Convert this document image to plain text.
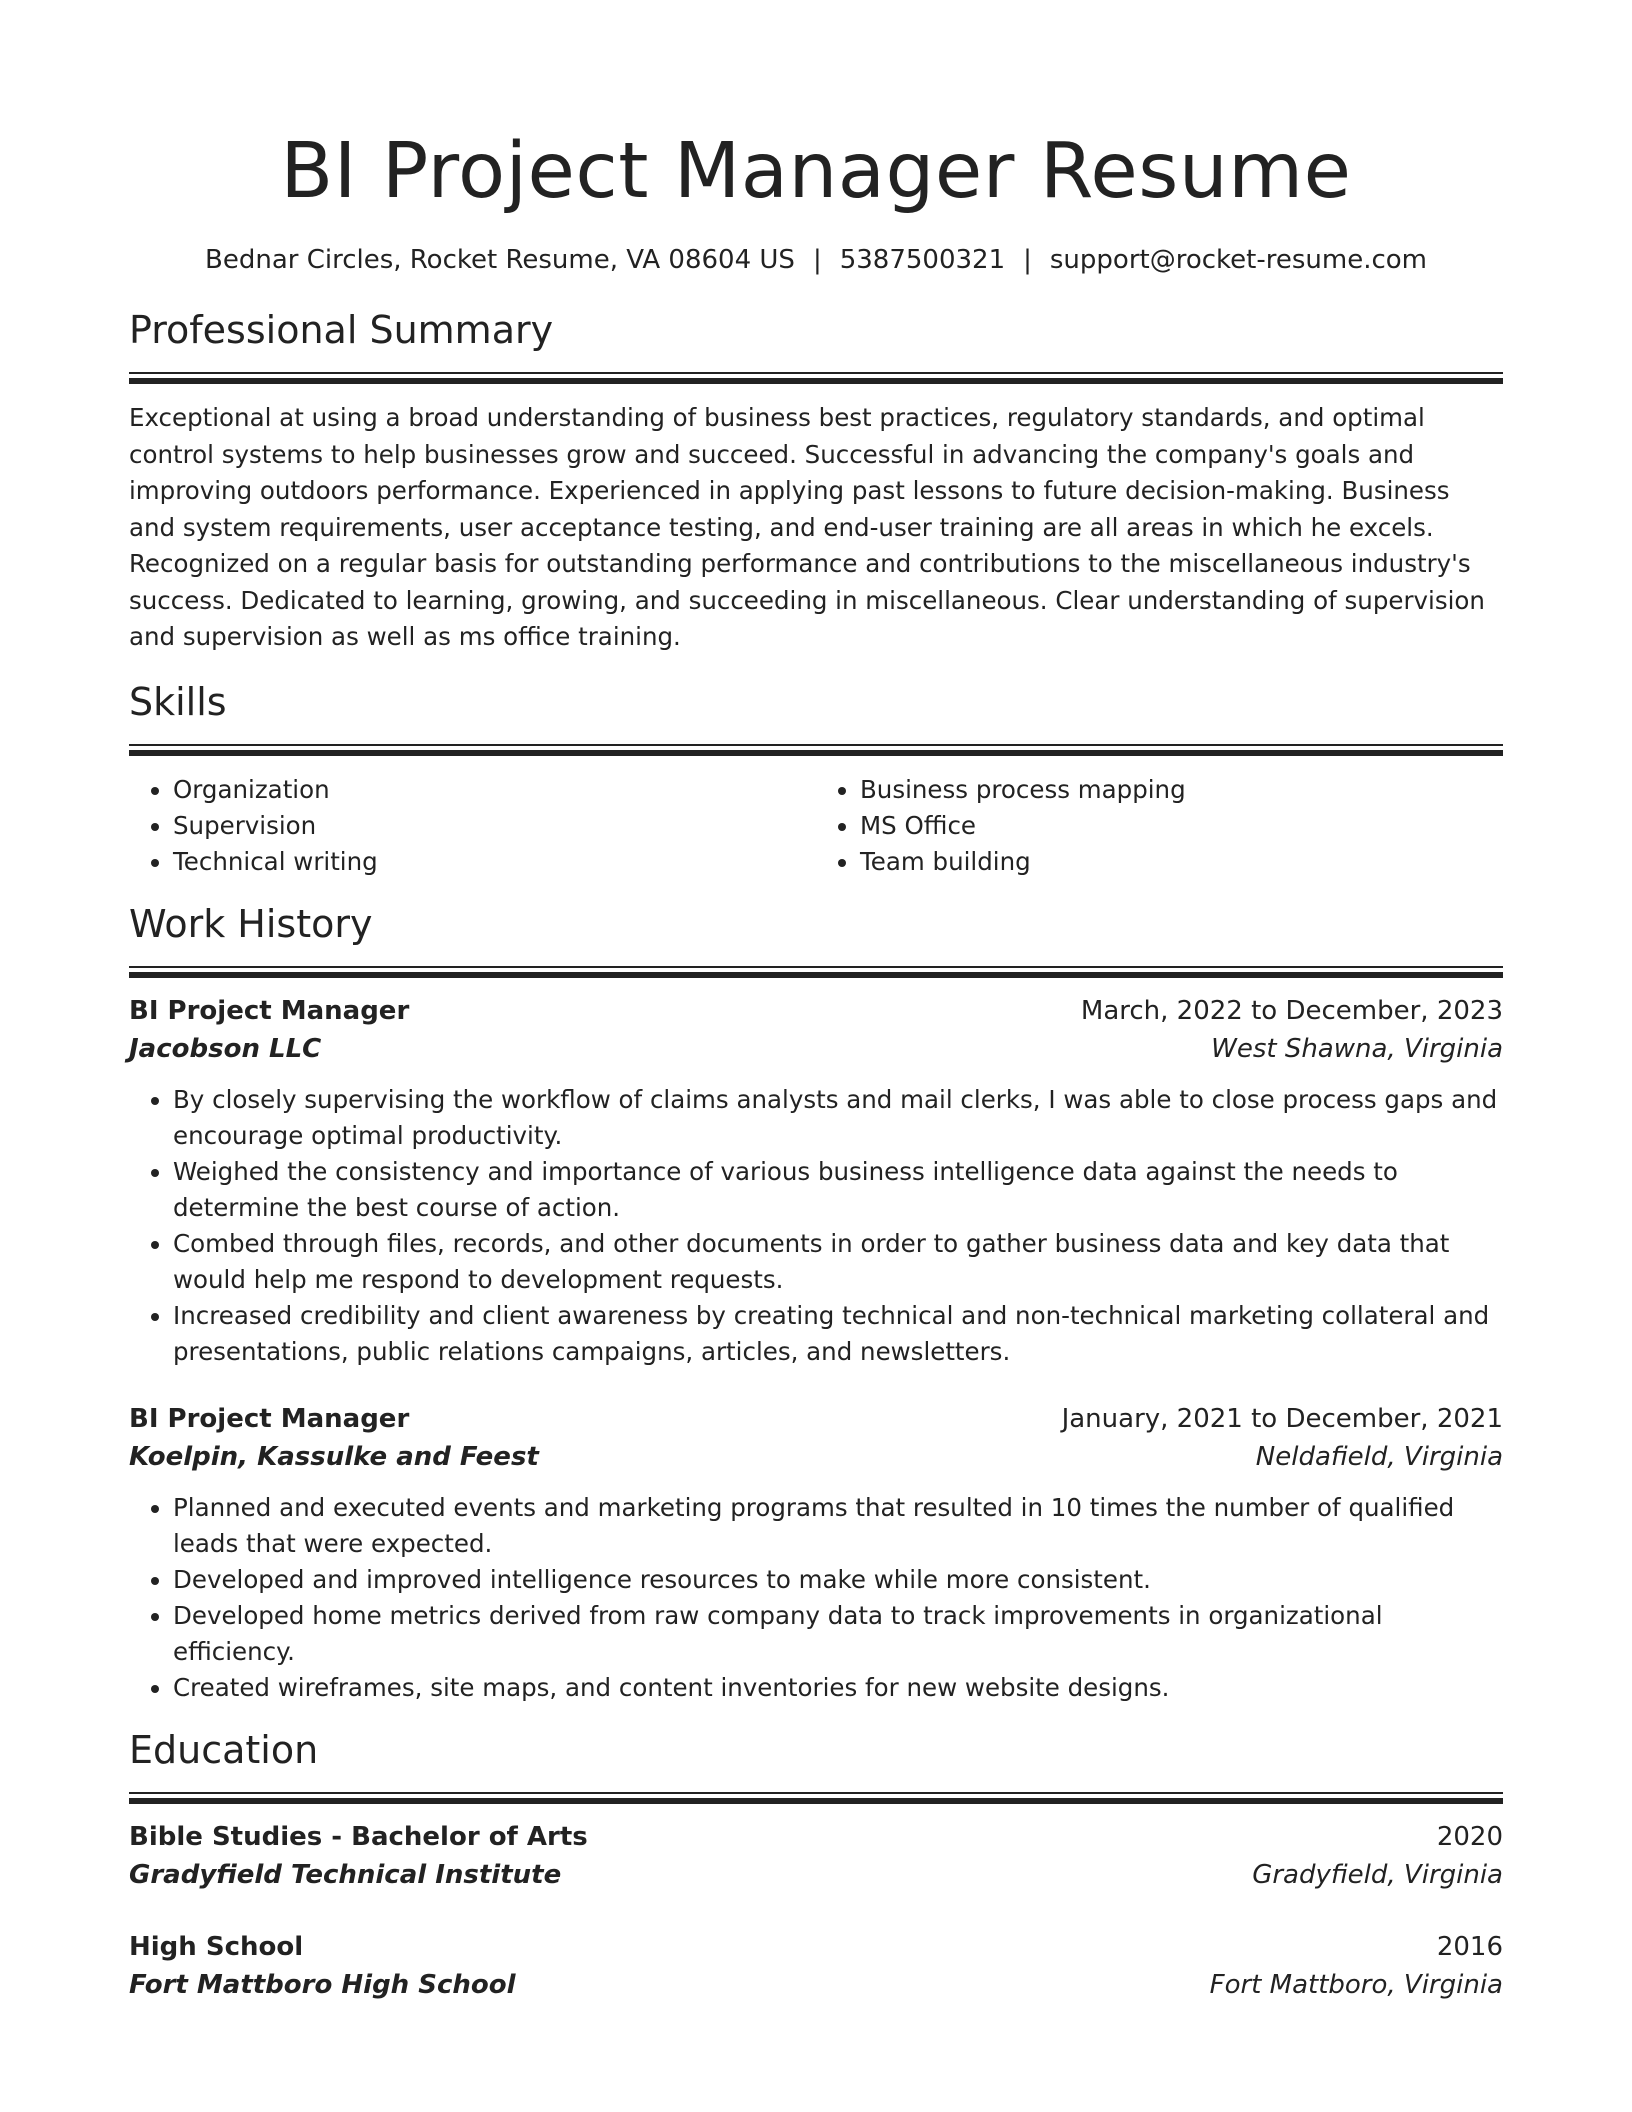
BI Project Manager Resume
Bednar Circles, Rocket Resume, VA 08604 US | 5387500321 | support@rocket-resume.com
Professional Summary

Exceptional at using a broad understanding of business best practices, regulatory standards, and optimal control systems to help businesses grow and succeed. Successful in advancing the company's goals and improving outdoors performance. Experienced in applying past lessons to future decision-making. Business and system requirements, user acceptance testing, and end-user training are all areas in which he excels. Recognized on a regular basis for outstanding performance and contributions to the miscellaneous industry's success. Dedicated to learning, growing, and succeeding in miscellaneous. Clear understanding of supervision and supervision as well as ms office training.

Skills
• Organization
• Supervision
• Technical writing
• Business process mapping
• MS Office
• Team building
Work History
BI Project Manager	March, 2022 to December, 2023
Jacobson LLC	West Shawna, Virginia
• By closely supervising the workflow of claims analysts and mail clerks, I was able to close process gaps and encourage optimal productivity.
• Weighed the consistency and importance of various business intelligence data against the needs to determine the best course of action.
• Combed through files, records, and other documents in order to gather business data and key data that would help me respond to development requests.
• Increased credibility and client awareness by creating technical and non-technical marketing collateral and presentations, public relations campaigns, articles, and newsletters.
BI Project Manager	January, 2021 to December, 2021
Koelpin, Kassulke and Feest	Neldafield, Virginia
• Planned and executed events and marketing programs that resulted in 10 times the number of qualified leads that were expected.
• Developed and improved intelligence resources to make while more consistent.
• Developed home metrics derived from raw company data to track improvements in organizational efficiency.
• Created wireframes, site maps, and content inventories for new website designs.
Education
Bible Studies - Bachelor of Arts	2020
Gradyfield Technical Institute	Gradyfield, Virginia
High School	2016
Fort Mattboro High School	Fort Mattboro, Virginia
